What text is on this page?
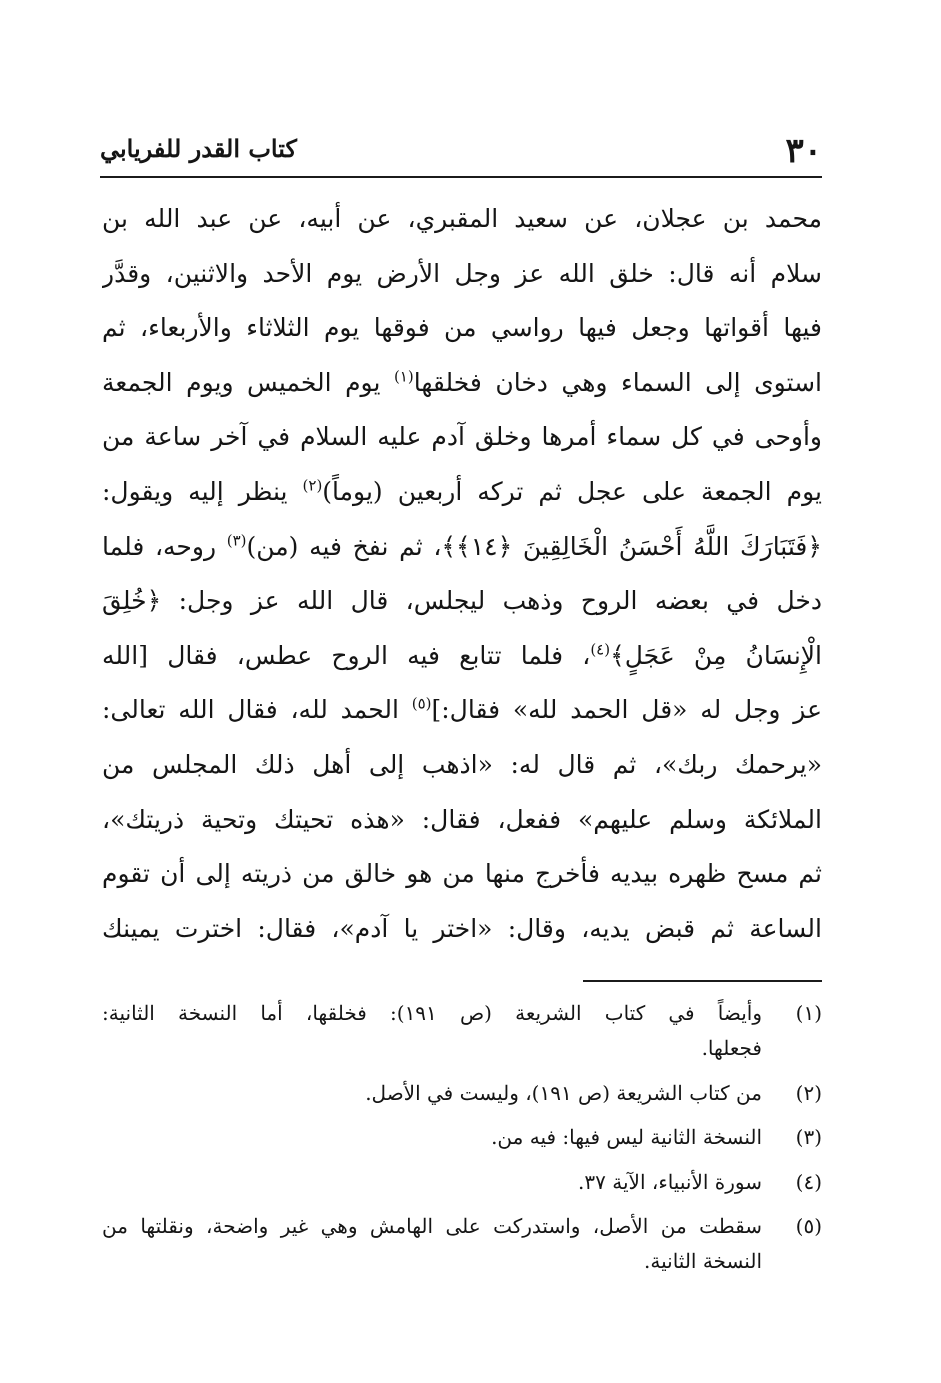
٣٠
كتاب القدر للفريابي
محمد بن عجلان، عن سعيد المقبري، عن أبيه، عن عبد الله بن
سلام أنه قال: خلق الله عز وجل الأرض يوم الأحد والاثنين، وقدَّر
فيها أقواتها وجعل فيها رواسي من فوقها يوم الثلاثاء والأربعاء، ثم
استوى إلى السماء وهي دخان فخلقها$^{(١)}$ يوم الخميس ويوم الجمعة
وأوحى في كل سماء أمرها وخلق آدم عليه السلام في آخر ساعة من
يوم الجمعة على عجل ثم تركه أربعين (يوماً)$^{(٢)}$ ينظر إليه ويقول:
﴿فَتَبَارَكَ اللَّهُ أَحْسَنُ الْخَالِقِينَ ﴿١٤﴾﴾، ثم نفخ فيه (من)$^{(٣)}$ روحه، فلما
دخل في بعضه الروح وذهب ليجلس، قال الله عز وجل: ﴿خُلِقَ
الْإِنسَانُ مِنْ عَجَلٍ﴾$^{(٤)}$، فلما تتابع فيه الروح عطس، فقال [الله
عز وجل له «قل الحمد لله» فقال:]$^{(٥)}$ الحمد لله، فقال الله تعالى:
«يرحمك ربك»، ثم قال له: «اذهب إلى أهل ذلك المجلس من
الملائكة وسلم عليهم» ففعل، فقال: «هذه تحيتك وتحية ذريتك»،
ثم مسح ظهره بيديه فأخرج منها من هو خالق من ذريته إلى أن تقوم
الساعة ثم قبض يديه، وقال: «اختر يا آدم»، فقال: اخترت يمينك
(١)
وأيضاً في كتاب الشريعة (ص ١٩١): فخلقها، أما النسخة الثانية:
فجعلها.
(٢)
من كتاب الشريعة (ص ١٩١)، وليست في الأصل.
(٣)
النسخة الثانية ليس فيها: فيه من.
(٤)
سورة الأنبياء، الآية ٣٧.
(٥)
سقطت من الأصل، واستدركت على الهامش وهي غير واضحة، ونقلتها من
النسخة الثانية.
